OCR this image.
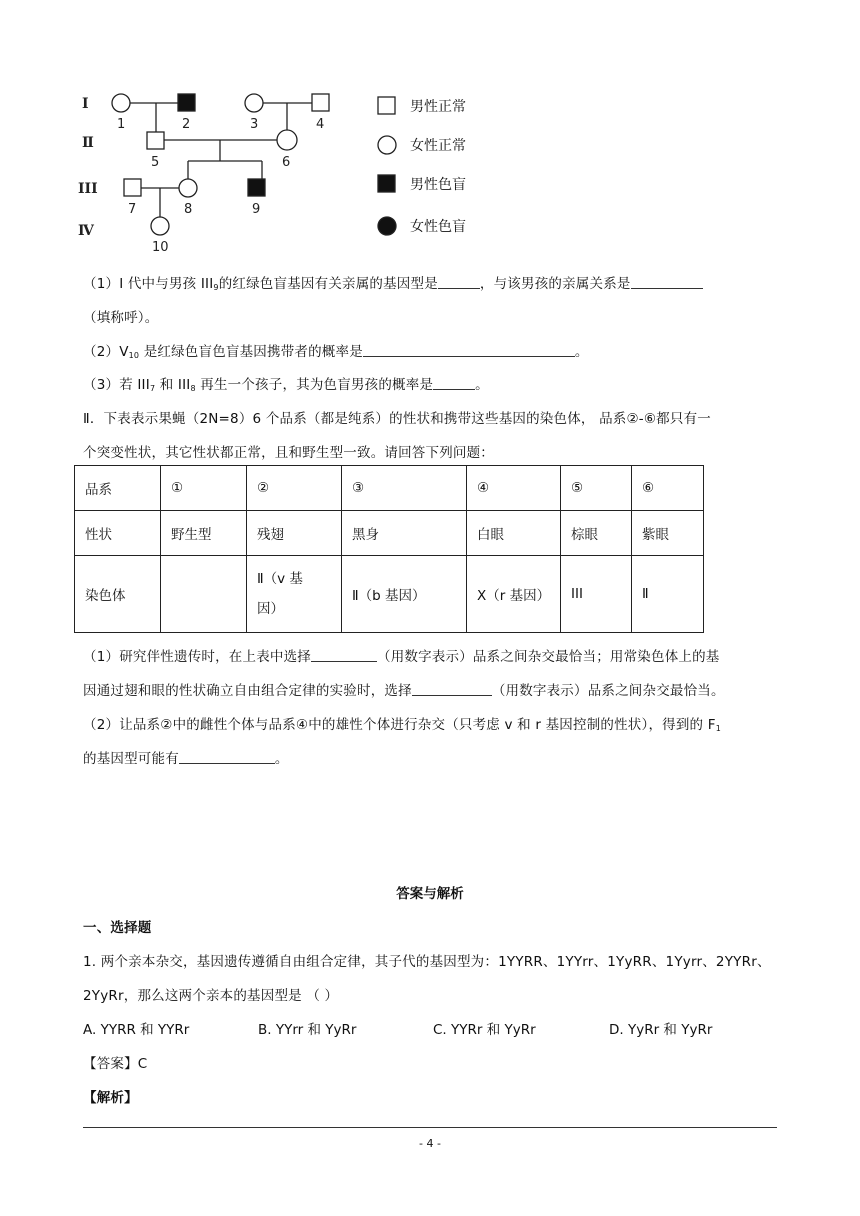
I
Ⅱ
III
Ⅳ
1	2	3	4
5	6
7	8	9
10
男性正常
女性正常
男性色盲
女性色盲
（1）Ⅰ 代中与男孩 $III_9$的红绿色盲基因有关亲属的基因型是	，与该男孩的亲属关系是
（填称呼）。
$(2)V_{10}$ 是红绿色盲色盲基因携带者的概率是	。
（3）若 $III_7$ 和 $III_8$ 再生一个孩子，其为色盲男孩的概率是	。
Ⅱ．下表表示果蝇（2N=8）6 个品系（都是纯系）的性状和携带这些基因的染色体， 品系②-⑥都只有一
个突变性状，其它性状都正常，且和野生型一致。请回答下列问题：
品系	①	②	③	④	⑤	⑥
性状	野生型	残翅	黑身	白眼	棕眼	紫眼
染色体		Ⅱ（v 基
因）	Ⅱ（b 基因）	X（r 基因）	III	Ⅱ
（1）研究伴性遗传时，在上表中选择	（用数字表示）品系之间杂交最恰当；用常染色体上的基
因通过翅和眼的性状确立自由组合定律的实验时，选择	（用数字表示）品系之间杂交最恰当。
（2）让品系②中的雌性个体与品系④中的雄性个体进行杂交（只考虑 v 和 r 基因控制的性状），得到的 $F_1$
的基因型可能有	。
答案与解析
一、选择题
1. 两个亲本杂交，基因遗传遵循自由组合定律，其子代的基因型为：1YYRR、1YYrr、1YyRR、1Yyrr、2YYRr、
2YyRr，那么这两个亲本的基因型是 （ ）
A. YYRR 和 YYRr	B. YYrr 和 YyRr	C. YYRr 和 YyRr	D. YyRr 和 YyRr
【答案】C
【解析】
- 4 -
